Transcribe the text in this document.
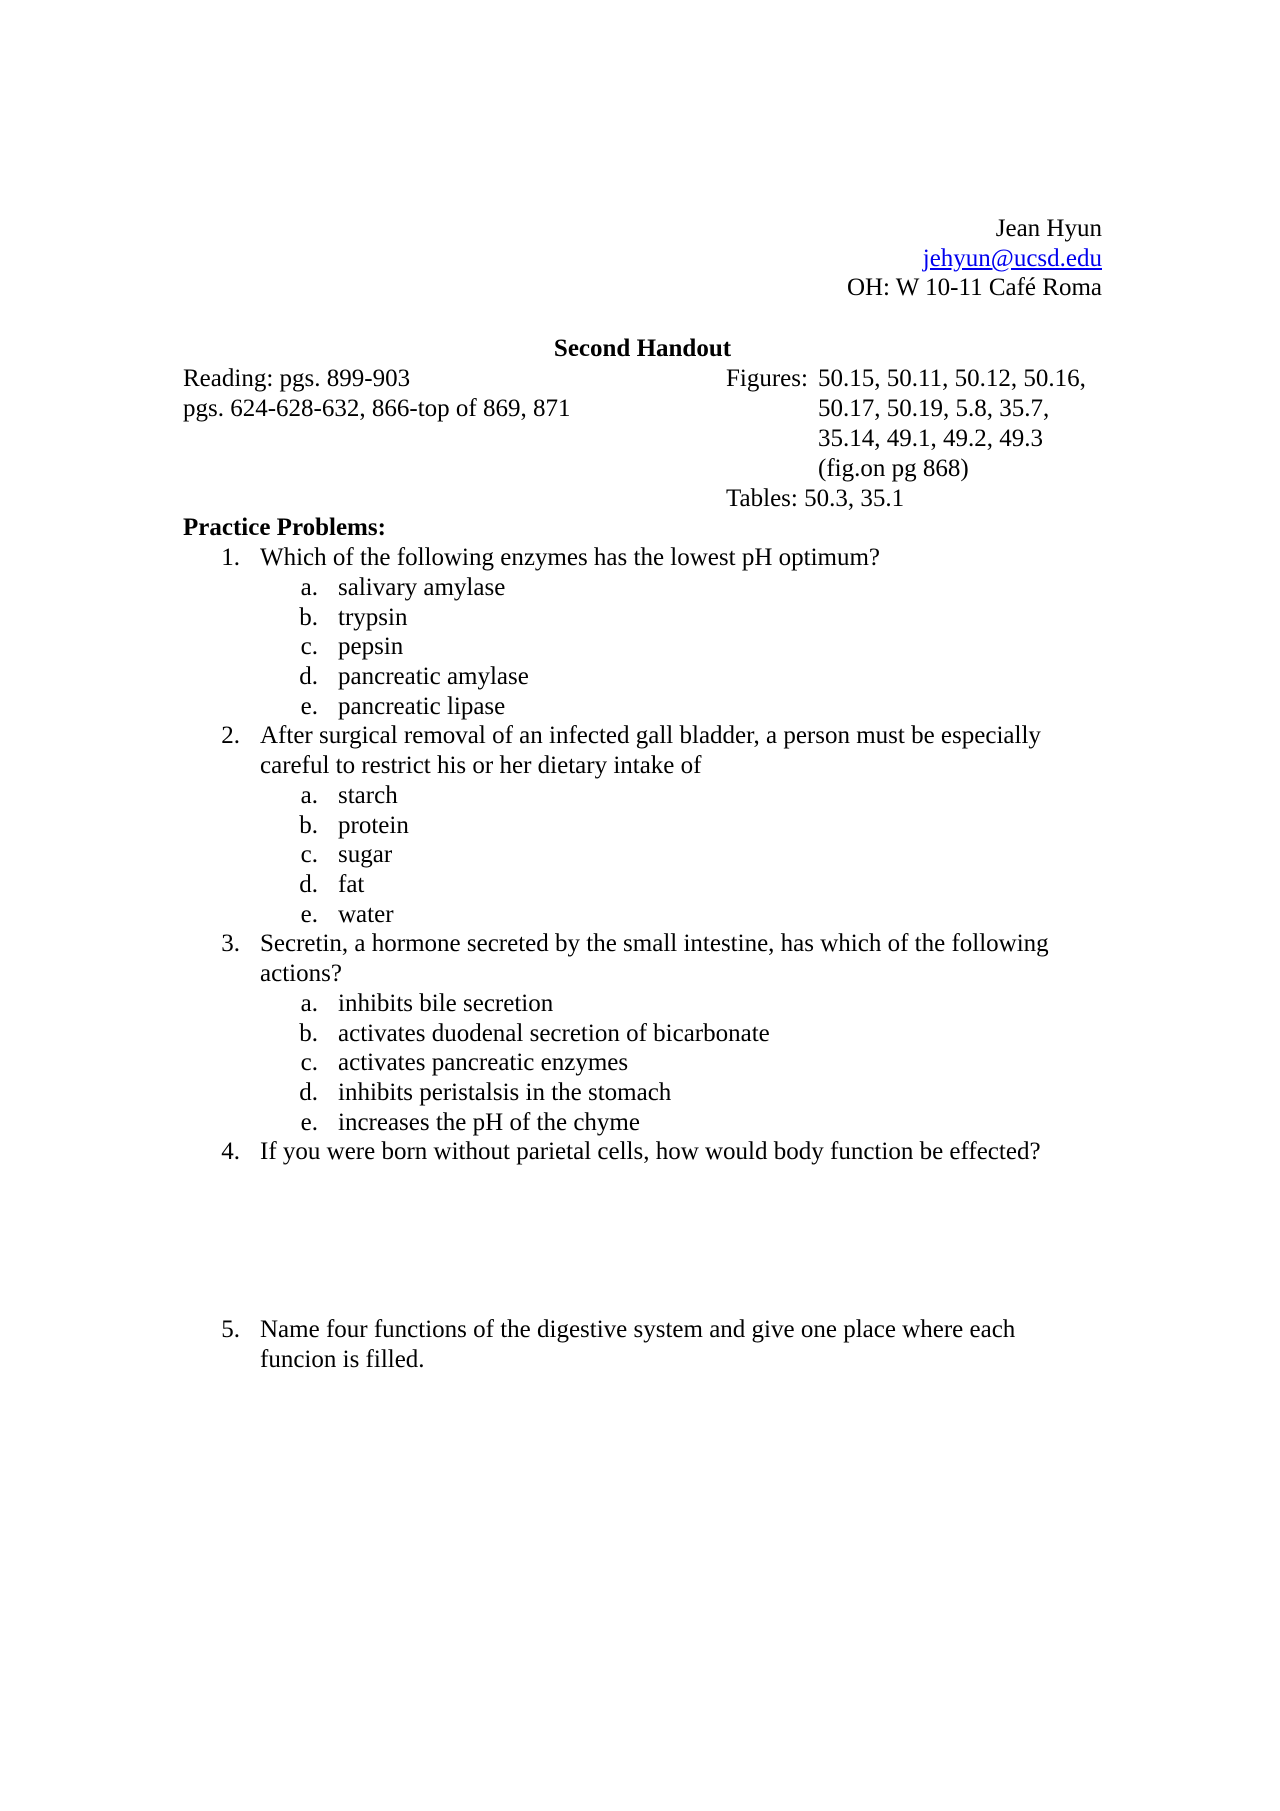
Jean Hyun
jehyun@ucsd.edu
OH: W 10-11 Café Roma
Second Handout
Reading: pgs. 899-903
pgs. 624-628-632, 866-top of 869, 871
Figures: 50.15, 50.11, 50.12, 50.16,
50.17, 50.19, 5.8, 35.7,
35.14, 49.1, 49.2, 49.3
(fig.on pg 868)
Tables: 50.3, 35.1
Practice Problems:
1. Which of the following enzymes has the lowest pH optimum?
a. salivary amylase
b. trypsin
c. pepsin
d. pancreatic amylase
e. pancreatic lipase
2. After surgical removal of an infected gall bladder, a person must be especially
careful to restrict his or her dietary intake of
a. starch
b. protein
c. sugar
d. fat
e. water
3. Secretin, a hormone secreted by the small intestine, has which of the following
actions?
a. inhibits bile secretion
b. activates duodenal secretion of bicarbonate
c. activates pancreatic enzymes
d. inhibits peristalsis in the stomach
e. increases the pH of the chyme
4. If you were born without parietal cells, how would body function be effected?
5. Name four functions of the digestive system and give one place where each
funcion is filled.
